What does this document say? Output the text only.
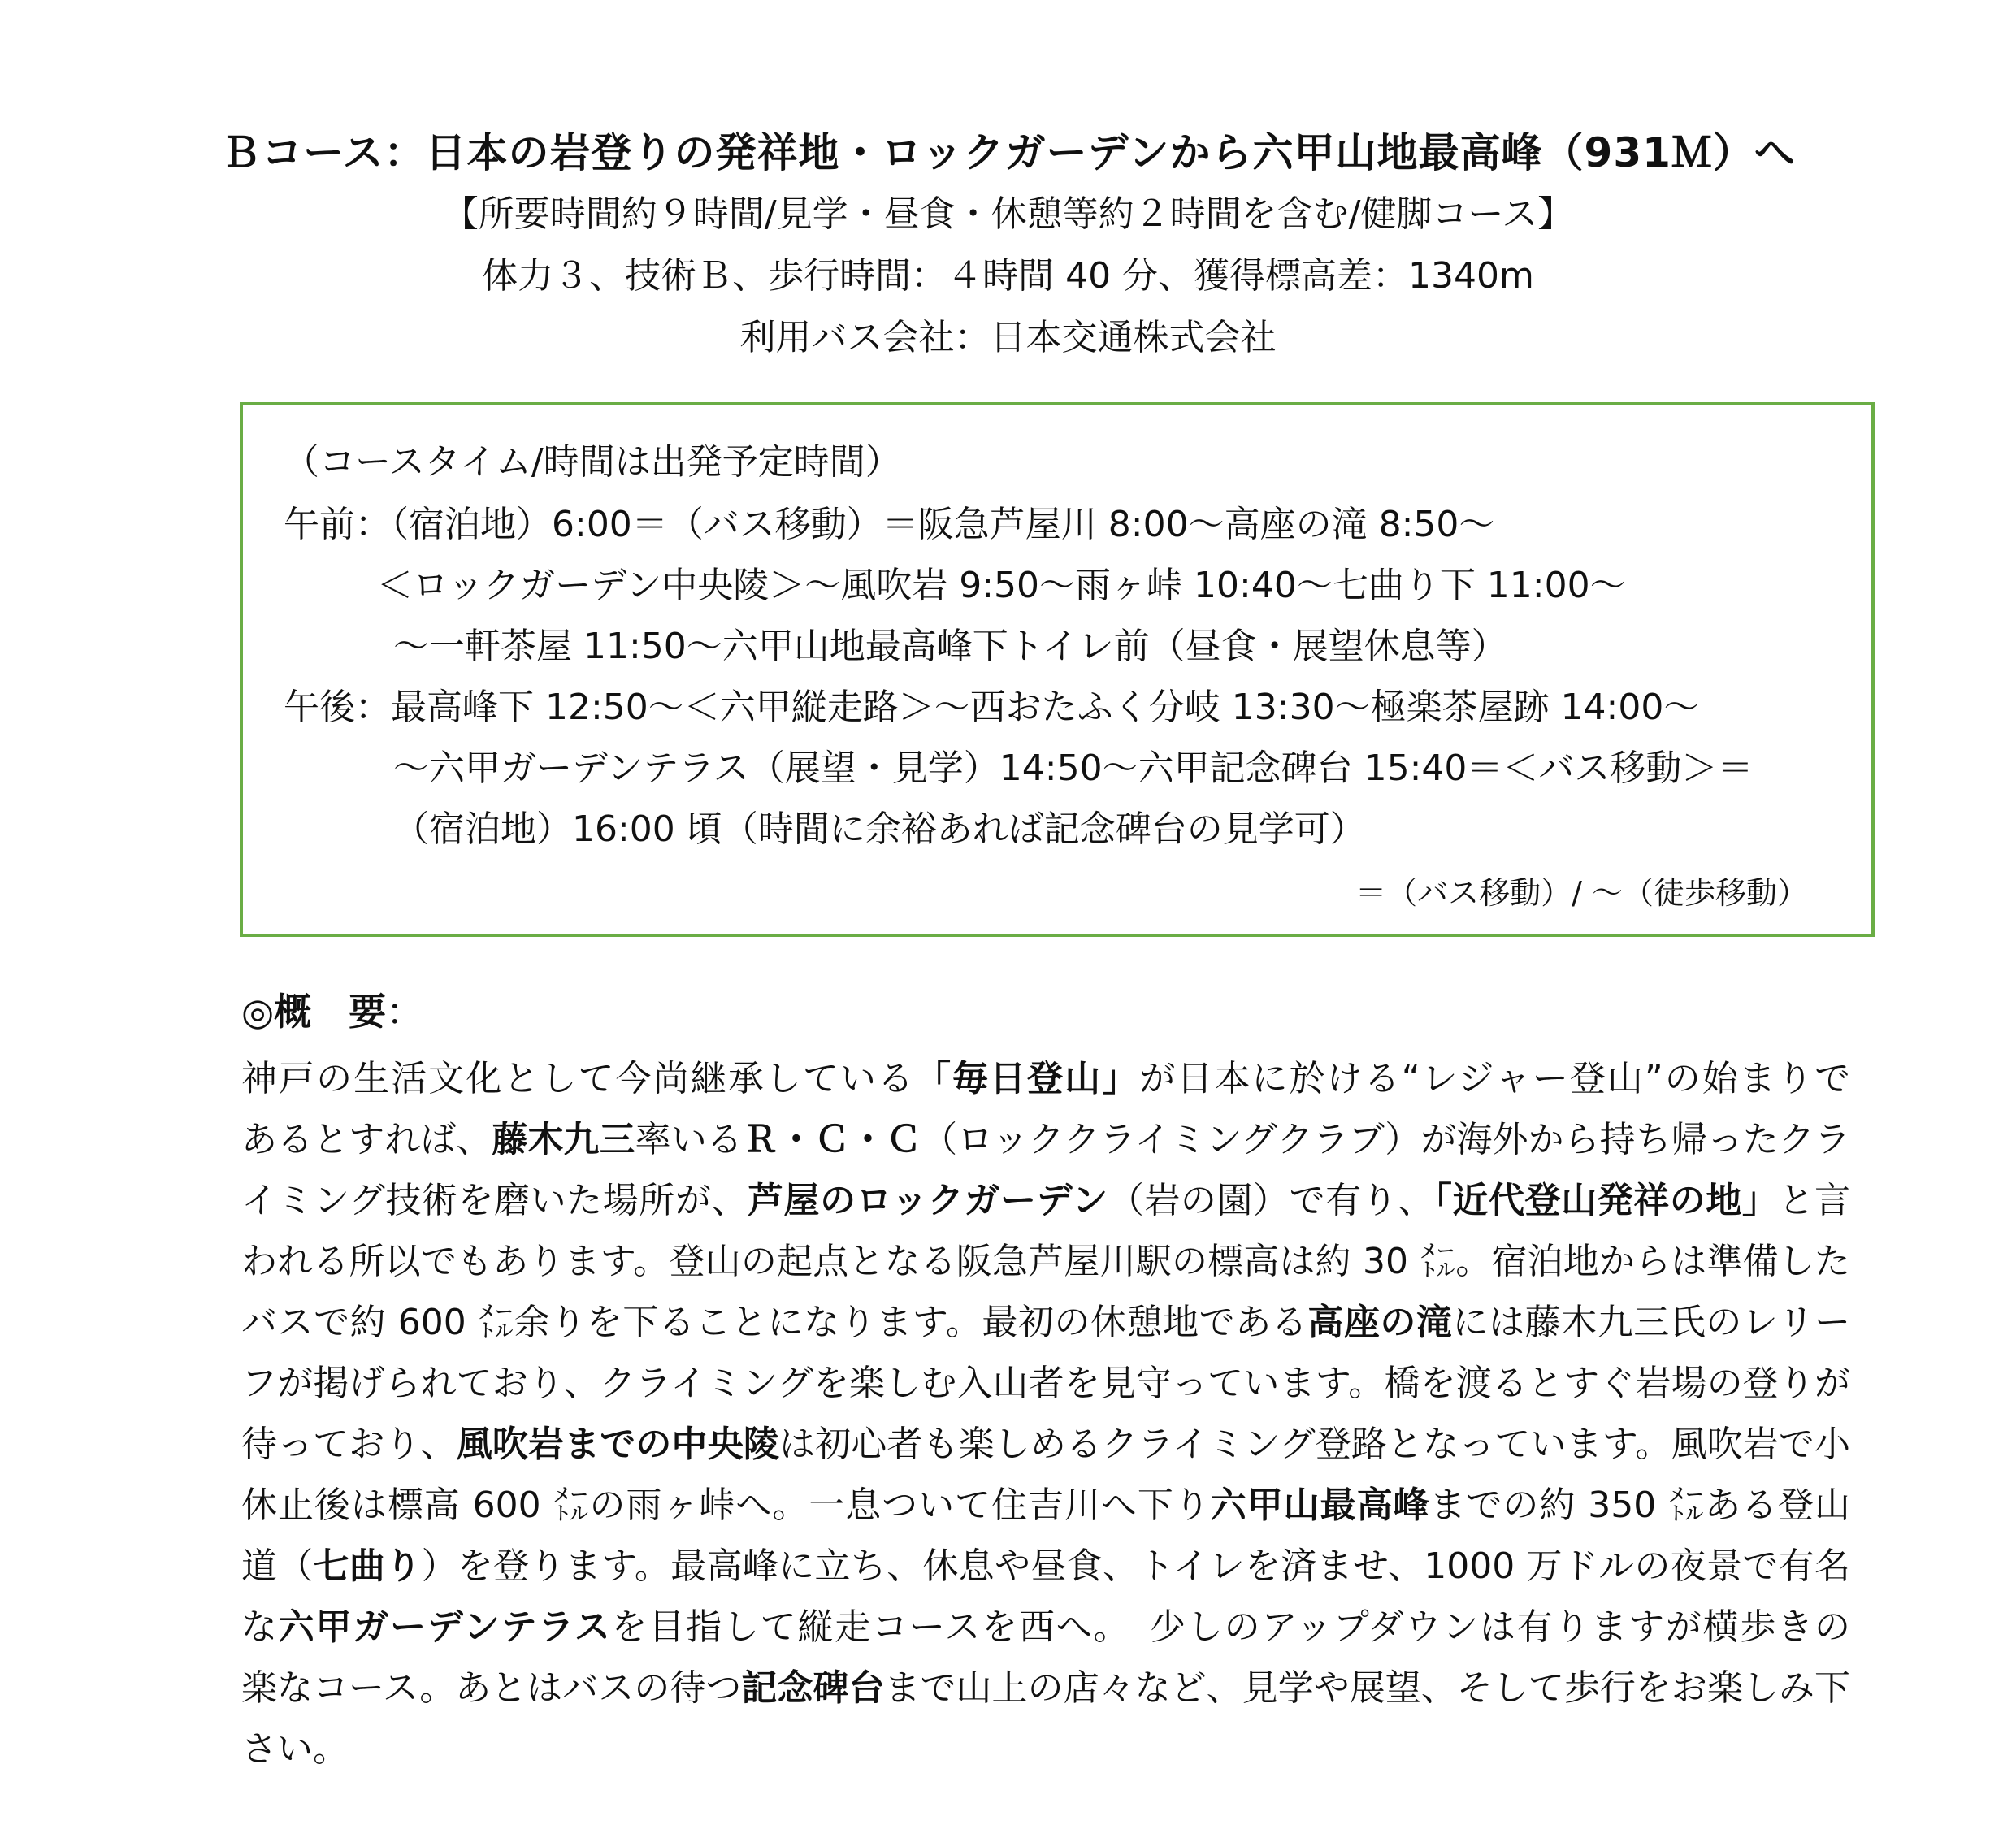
Ｂコース：日本の岩登りの発祥地・ロックガーデンから六甲山地最高峰（931Ｍ）へ
【所要時間約９時間/見学・昼食・休憩等約２時間を含む/健脚コース】
体力３、技術Ｂ、歩行時間：４時間 40 分、獲得標高差：1340m
利用バス会社：日本交通株式会社
（コースタイム/時間は出発予定時間）
午前：（宿泊地）6:00＝（バス移動）＝阪急芦屋川 8:00～高座の滝 8:50～
＜ロックガーデン中央陵＞～風吹岩 9:50～雨ヶ峠 10:40～七曲り下 11:00～
～一軒茶屋 11:50～六甲山地最高峰下トイレ前（昼食・展望休息等）
午後：最高峰下 12:50～＜六甲縦走路＞～西おたふく分岐 13:30～極楽茶屋跡 14:00～
～六甲ガーデンテラス（展望・見学）14:50～六甲記念碑台 15:40＝＜バス移動＞＝
（宿泊地）16:00 頃（時間に余裕あれば記念碑台の見学可）
＝（バス移動）/ ～（徒歩移動）
◎概 要：
神戸の生活文化として今尚継承している「毎日登山」が日本に於ける“レジャー登山”の始まりで
あるとすれば、藤木九三率いるＲ・Ｃ・Ｃ（ロッククライミングクラブ）が海外から持ち帰ったクラ
イミング技術を磨いた場所が、芦屋のロックガーデン（岩の園）で有り、「近代登山発祥の地」と言
われる所以でもあります。登山の起点となる阪急芦屋川駅の標高は約 30 ㍍。宿泊地からは準備した
バスで約 600 ㍍余りを下ることになります。最初の休憩地である高座の滝には藤木九三氏のレリー
フが掲げられており、クライミングを楽しむ入山者を見守っています。橋を渡るとすぐ岩場の登りが
待っており、風吹岩までの中央陵は初心者も楽しめるクライミング登路となっています。風吹岩で小
休止後は標高 600 ㍍の雨ヶ峠へ。一息ついて住吉川へ下り六甲山最高峰までの約 350 ㍍ある登山
道（七曲り）を登ります。最高峰に立ち、休息や昼食、トイレを済ませ、1000 万ドルの夜景で有名
な六甲ガーデンテラスを目指して縦走コースを西へ。　少しのアップダウンは有りますが横歩きの
楽なコース。あとはバスの待つ記念碑台まで山上の店々など、見学や展望、そして歩行をお楽しみ下
さい。
